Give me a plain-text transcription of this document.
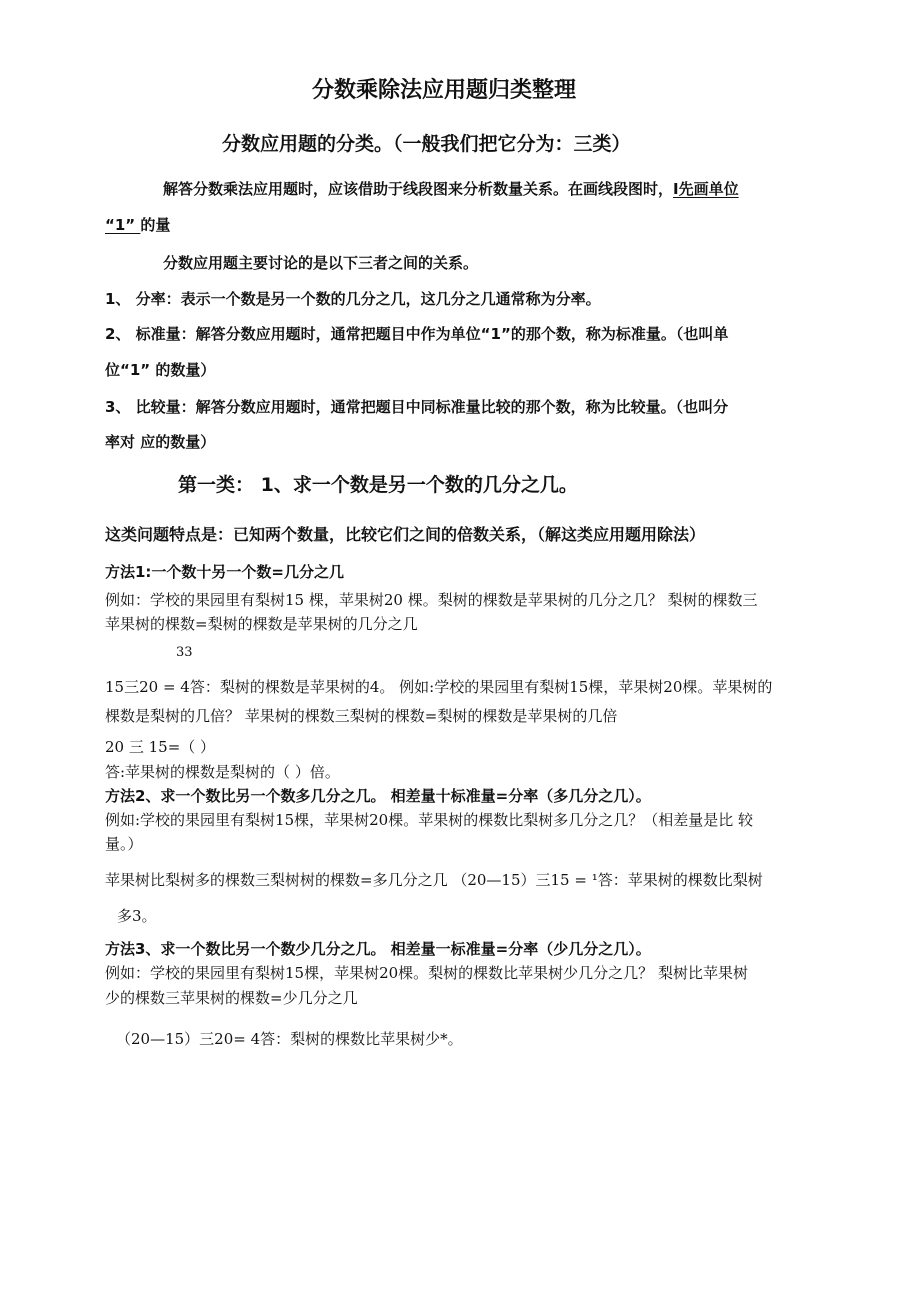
分数乘除法应用题归类整理
分数应用题的分类。（一般我们把它分为：三类）
解答分数乘法应用题时，应该借助于线段图来分析数量关系。在画线段图时，I先画单位
“1” 的量
分数应用题主要讨论的是以下三者之间的关系。
1、 分率：表示一个数是另一个数的几分之几，这几分之几通常称为分率。
2、 标准量：解答分数应用题时，通常把题目中作为单位“1”的那个数，称为标准量。（也叫单
位“1” 的数量）
3、 比较量：解答分数应用题时，通常把题目中同标准量比较的那个数，称为比较量。（也叫分
率对 应的数量）
第一类： 1、求一个数是另一个数的几分之几。
这类问题特点是：已知两个数量，比较它们之间的倍数关系，（解这类应用题用除法）
方法1:一个数十另一个数=几分之几
例如：学校的果园里有梨树15 棵，苹果树20 棵。梨树的棵数是苹果树的几分之几？ 梨树的棵数三
苹果树的棵数=梨树的棵数是苹果树的几分之几
33
15三20 = 4答：梨树的棵数是苹果树的4。 例如:学校的果园里有梨树15棵，苹果树20棵。苹果树的
棵数是梨树的几倍？ 苹果树的棵数三梨树的棵数=梨树的棵数是苹果树的几倍
20 三 15=（ ）
答:苹果树的棵数是梨树的（ ）倍。
方法2、求一个数比另一个数多几分之几。 相差量十标准量=分率（多几分之几）。
例如:学校的果园里有梨树15棵，苹果树20棵。苹果树的棵数比梨树多几分之几？（相差量是比 较
量。）
苹果树比梨树多的棵数三梨树树的棵数=多几分之几 （20—15）三15 = ¹答：苹果树的棵数比梨树
多3。
方法3、求一个数比另一个数少几分之几。 相差量一标准量=分率（少几分之几）。
例如：学校的果园里有梨树15棵，苹果树20棵。梨树的棵数比苹果树少几分之几？ 梨树比苹果树
少的棵数三苹果树的棵数=少几分之几
（20—15）三20= 4答：梨树的棵数比苹果树少*。
